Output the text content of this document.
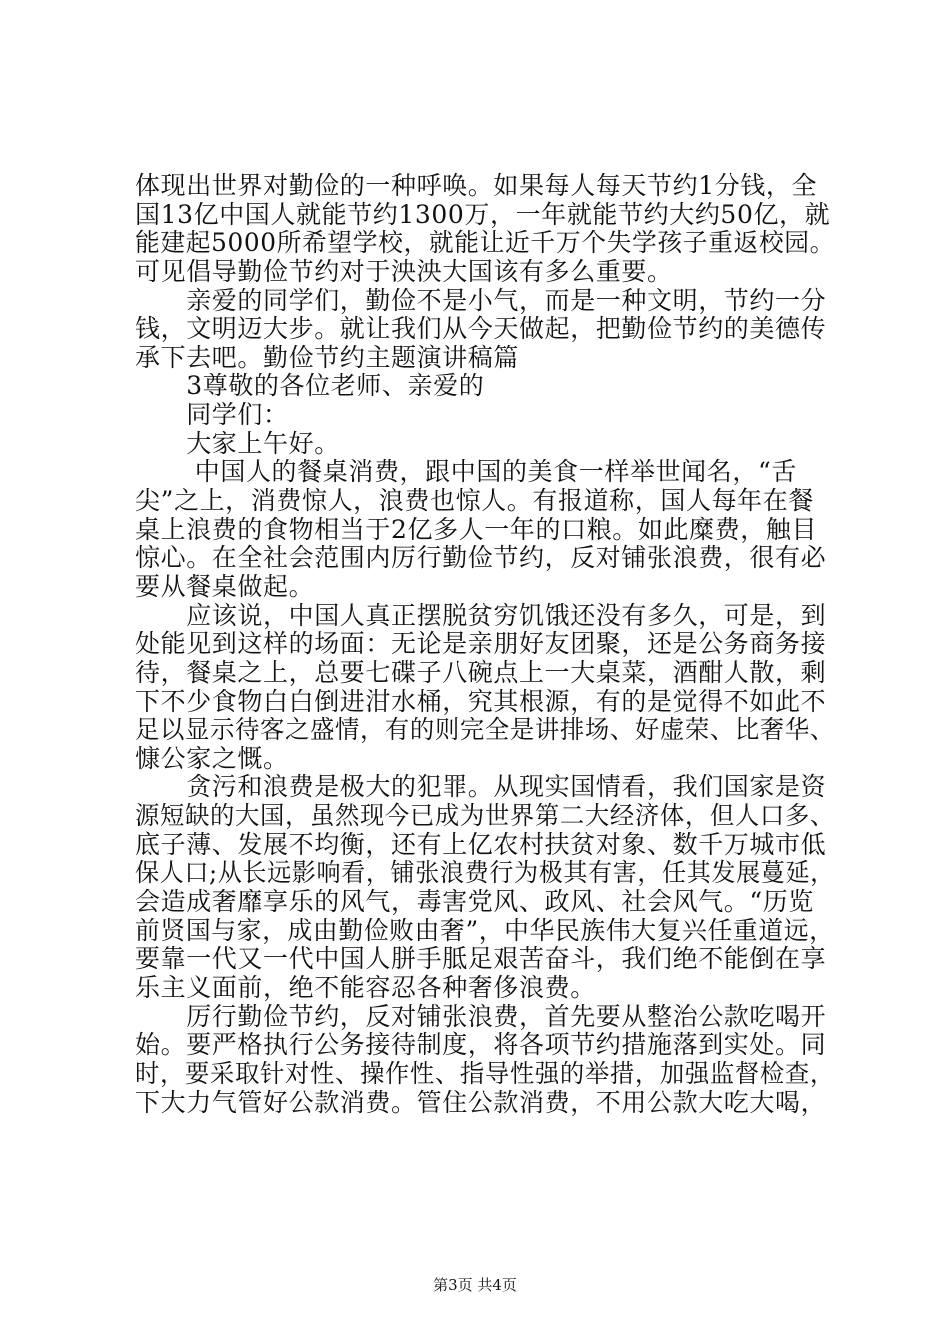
体现出世界对勤俭的一种呼唤。如果每人每天节约1分钱，全
国13亿中国人就能节约1300万，一年就能节约大约50亿，就
能建起5000所希望学校，就能让近千万个失学孩子重返校园。
可见倡导勤俭节约对于泱泱大国该有多么重要。
　　亲爱的同学们，勤俭不是小气，而是一种文明，节约一分
钱，文明迈大步。就让我们从今天做起，把勤俭节约的美德传
承下去吧。勤俭节约主题演讲稿篇
　　3尊敬的各位老师、亲爱的
　　同学们：
　　大家上午好。
　　 中国人的餐桌消费，跟中国的美食一样举世闻名，“舌
尖”之上，消费惊人，浪费也惊人。有报道称，国人每年在餐
桌上浪费的食物相当于2亿多人一年的口粮。如此糜费，触目
惊心。在全社会范围内厉行勤俭节约，反对铺张浪费，很有必
要从餐桌做起。
　　应该说，中国人真正摆脱贫穷饥饿还没有多久，可是，到
处能见到这样的场面：无论是亲朋好友团聚，还是公务商务接
待，餐桌之上，总要七碟子八碗点上一大桌菜，酒酣人散，剩
下不少食物白白倒进泔水桶，究其根源，有的是觉得不如此不
足以显示待客之盛情，有的则完全是讲排场、好虚荣、比奢华、
慷公家之慨。
　　贪污和浪费是极大的犯罪。从现实国情看，我们国家是资
源短缺的大国，虽然现今已成为世界第二大经济体，但人口多、
底子薄、发展不均衡，还有上亿农村扶贫对象、数千万城市低
保人口;从长远影响看，铺张浪费行为极其有害，任其发展蔓延，
会造成奢靡享乐的风气，毒害党风、政风、社会风气。“历览
前贤国与家，成由勤俭败由奢”，中华民族伟大复兴任重道远，
要靠一代又一代中国人胼手胝足艰苦奋斗，我们绝不能倒在享
乐主义面前，绝不能容忍各种奢侈浪费。
　　厉行勤俭节约，反对铺张浪费，首先要从整治公款吃喝开
始。要严格执行公务接待制度，将各项节约措施落到实处。同
时，要采取针对性、操作性、指导性强的举措，加强监督检查，
下大力气管好公款消费。管住公款消费，不用公款大吃大喝，
第3页 共4页
